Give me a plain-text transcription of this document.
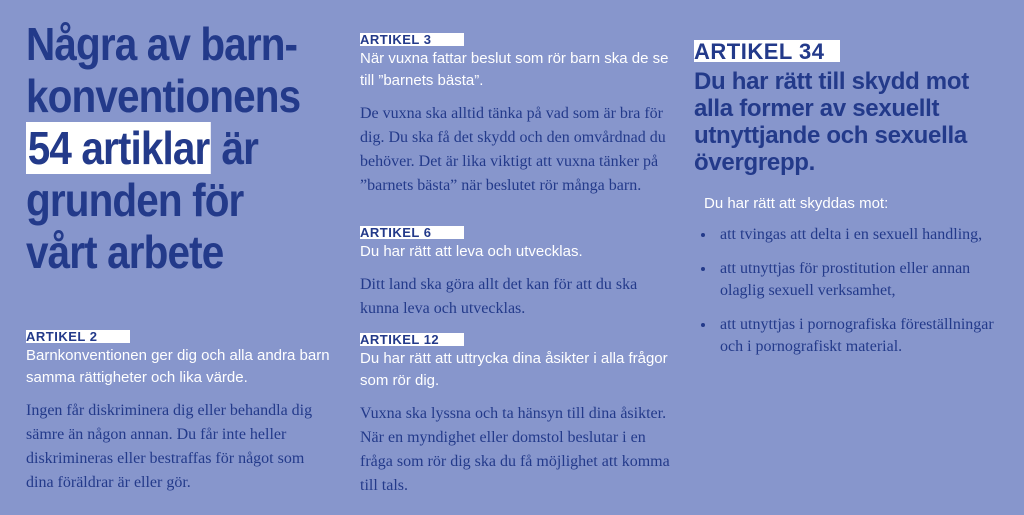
Några av barn-
konventionens
54 artiklar är
grunden för
vårt arbete
ARTIKEL 2

Barnkonventionen ger dig och alla andra barn samma rättigheter och lika värde.

Ingen får diskriminera dig eller behandla dig sämre än någon annan. Du får inte heller diskrimineras eller bestraffas för något som dina föräldrar är eller gör.

ARTIKEL 3

När vuxna fattar beslut som rör barn ska de se till ”barnets bästa”.

De vuxna ska alltid tänka på vad som är bra för dig. Du ska få det skydd och den omvårdnad du behöver. Det är lika viktigt att vuxna tänker på ”barnets bästa” när beslutet rör många barn.

ARTIKEL 6

Du har rätt att leva och utvecklas.

Ditt land ska göra allt det kan för att du ska kunna leva och utvecklas.

ARTIKEL 12

Du har rätt att uttrycka dina åsikter i alla frågor som rör dig.

Vuxna ska lyssna och ta hänsyn till dina åsikter. När en myndighet eller domstol beslutar i en fråga som rör dig ska du få möjlighet att komma till tals.

ARTIKEL 34

Du har rätt till skydd mot alla former av sexuellt utnyttjande och sexuella övergrepp.

Du har rätt att skyddas mot:

• att tvingas att delta i en sexuell handling,
• att utnyttjas för prostitution eller annan olaglig sexuell verksamhet,
• att utnyttjas i pornografiska föreställningar och i pornografiskt material.
